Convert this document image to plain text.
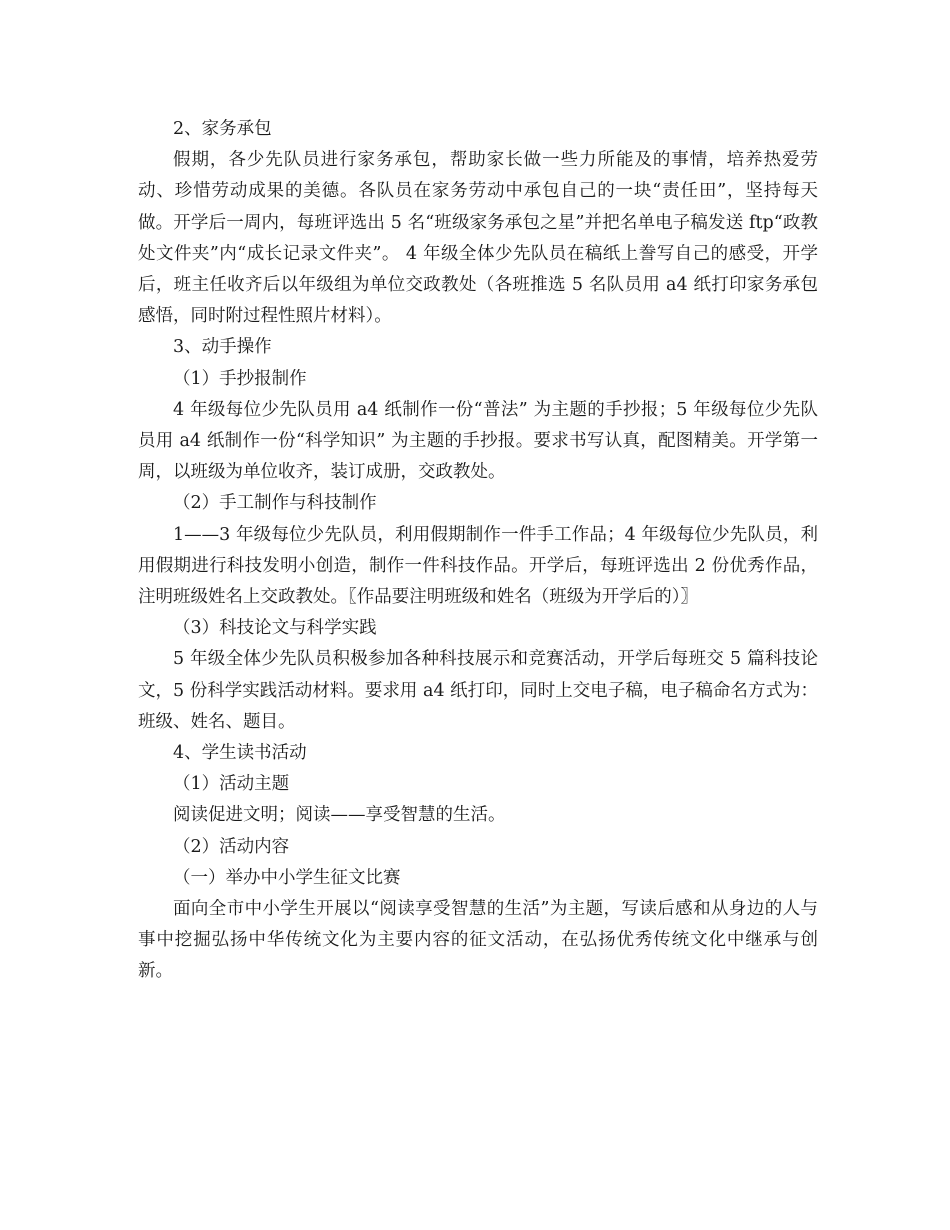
2、家务承包

假期，各少先队员进行家务承包，帮助家长做一些力所能及的事情，培养热爱劳动、珍惜劳动成果的美德。各队员在家务劳动中承包自己的一块“责任田”，坚持每天做。开学后一周内，每班评选出 5 名“班级家务承包之星”并把名单电子稿发送 ftp“政教处文件夹”内“成长记录文件夹”。 4 年级全体少先队员在稿纸上誊写自己的感受，开学后，班主任收齐后以年级组为单位交政教处（各班推选 5 名队员用 a4 纸打印家务承包感悟，同时附过程性照片材料）。

3、动手操作

（1）手抄报制作

4 年级每位少先队员用 a4 纸制作一份“普法” 为主题的手抄报；5 年级每位少先队员用 a4 纸制作一份“科学知识” 为主题的手抄报。要求书写认真，配图精美。开学第一周，以班级为单位收齐，装订成册，交政教处。

（2）手工制作与科技制作

1——3 年级每位少先队员，利用假期制作一件手工作品；4 年级每位少先队员，利用假期进行科技发明小创造，制作一件科技作品。开学后，每班评选出 2 份优秀作品，注明班级姓名上交政教处。〖作品要注明班级和姓名（班级为开学后的）〗

（3）科技论文与科学实践

5 年级全体少先队员积极参加各种科技展示和竞赛活动，开学后每班交 5 篇科技论文，5 份科学实践活动材料。要求用 a4 纸打印，同时上交电子稿，电子稿命名方式为：班级、姓名、题目。

4、学生读书活动

（1）活动主题

阅读促进文明；阅读——享受智慧的生活。

（2）活动内容

（一）举办中小学生征文比赛

面向全市中小学生开展以“阅读享受智慧的生活”为主题，写读后感和从身边的人与事中挖掘弘扬中华传统文化为主要内容的征文活动，在弘扬优秀传统文化中继承与创新。
